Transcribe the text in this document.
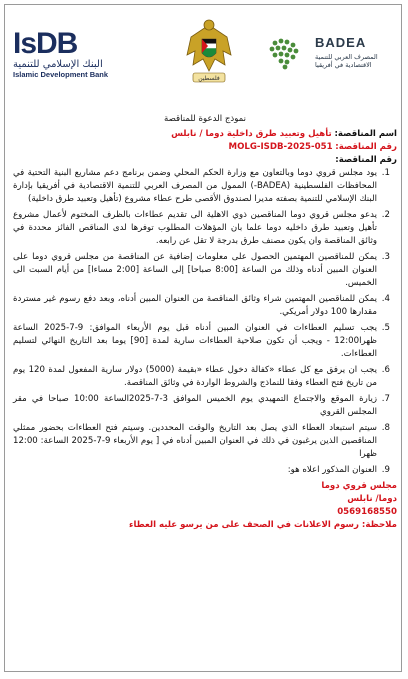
IsDB
البنك الإسلامي للتنمية
Islamic Development Bank	فلسطين
BADEA
المصرف العربي للتنمية الاقتصادية في أفريقيا
نموذج الدعوة للمناقصة
اسم المناقصة: تأهيل وتعبيد طرق داخلية دوما / نابلس
رقم المناقصة: MOLG-ISDB-2025-051
رقم المناقصة:
1. يود مجلس قروي دوما وبالتعاون مع وزارة الحكم المحلي وضمن برنامج دعم مشاريع البنية التحتية في المحافظات الفلسطينية (BADEA-) الممول من المصرف العربي للتنمية الاقتصادية في أفريقيا بإدارة البنك الإسلامي للتنمية بصفته مديرا لصندوق الأقصى طرح عطاء مشروع (تأهيل وتعبيد طرق داخلية)
2. يدعو مجلس قروي دوما المناقصين ذوي الاهلية الى تقديم عطاءات بالظرف المختوم لأعمال مشروع تأهيل وتعبيد طرق داخليه دوما علما بان المؤهلات المطلوب توفرها لدى المناقص الفائز محددة في وثائق المناقصة وان يكون مصنف طرق بدرجة لا تقل عن رابعه.
3. يمكن للمناقصين المهتمين الحصول على معلومات إضافية عن المناقصة من مجلس قروي دوما على العنوان المبين أدناه وذلك من الساعة [8:00 صباحا] إلى الساعة [2:00 مساءا] من أيام السبت الى الخميس.
4. يمكن للمناقصين المهتمين شراء وثائق المناقصة من العنوان المبين أدناه، وبعد دفع رسوم غير مستردة مقدارها 100 دولار أمريكي.
5. يجب تسليم العطاءات في العنوان المبين أدناه قبل يوم الأربعاء الموافق: 9-7-2025 الساعة ظهرا12:00 - ويجب أن تكون صلاحية العطاءات سارية لمدة [90] يوما بعد التاريخ النهائي لتسليم العطاءات.
6. يجب ان يرفق مع كل عطاء «كفالة دخول عطاء «بقيمة (5000) دولار سارية المفعول لمدة 120 يوم من تاريخ فتح العطاء وفقا للنماذج والشروط الواردة في وثائق المناقصة.
7. زيارة الموقع والاجتماع التمهيدي يوم الخميس الموافق 3-7-2025الساعة 10:00 صباحا في مقر المجلس القروي
8. سيتم استبعاد العطاء الذي يصل بعد التاريخ والوقت المحددين. وسيتم فتح العطاءات بحضور ممثلي المناقصين الذين يرغبون في ذلك في العنوان المبين أدناه في [ يوم الأربعاء 9-7-2025 الساعة: 12:00 ظهرا
9. العنوان المذكور اعلاه هو:
مجلس قروي دوما
دوما/ نابلس
0569168550
ملاحظة: رسوم الاعلانات في الصحف على من يرسو عليه العطاء
